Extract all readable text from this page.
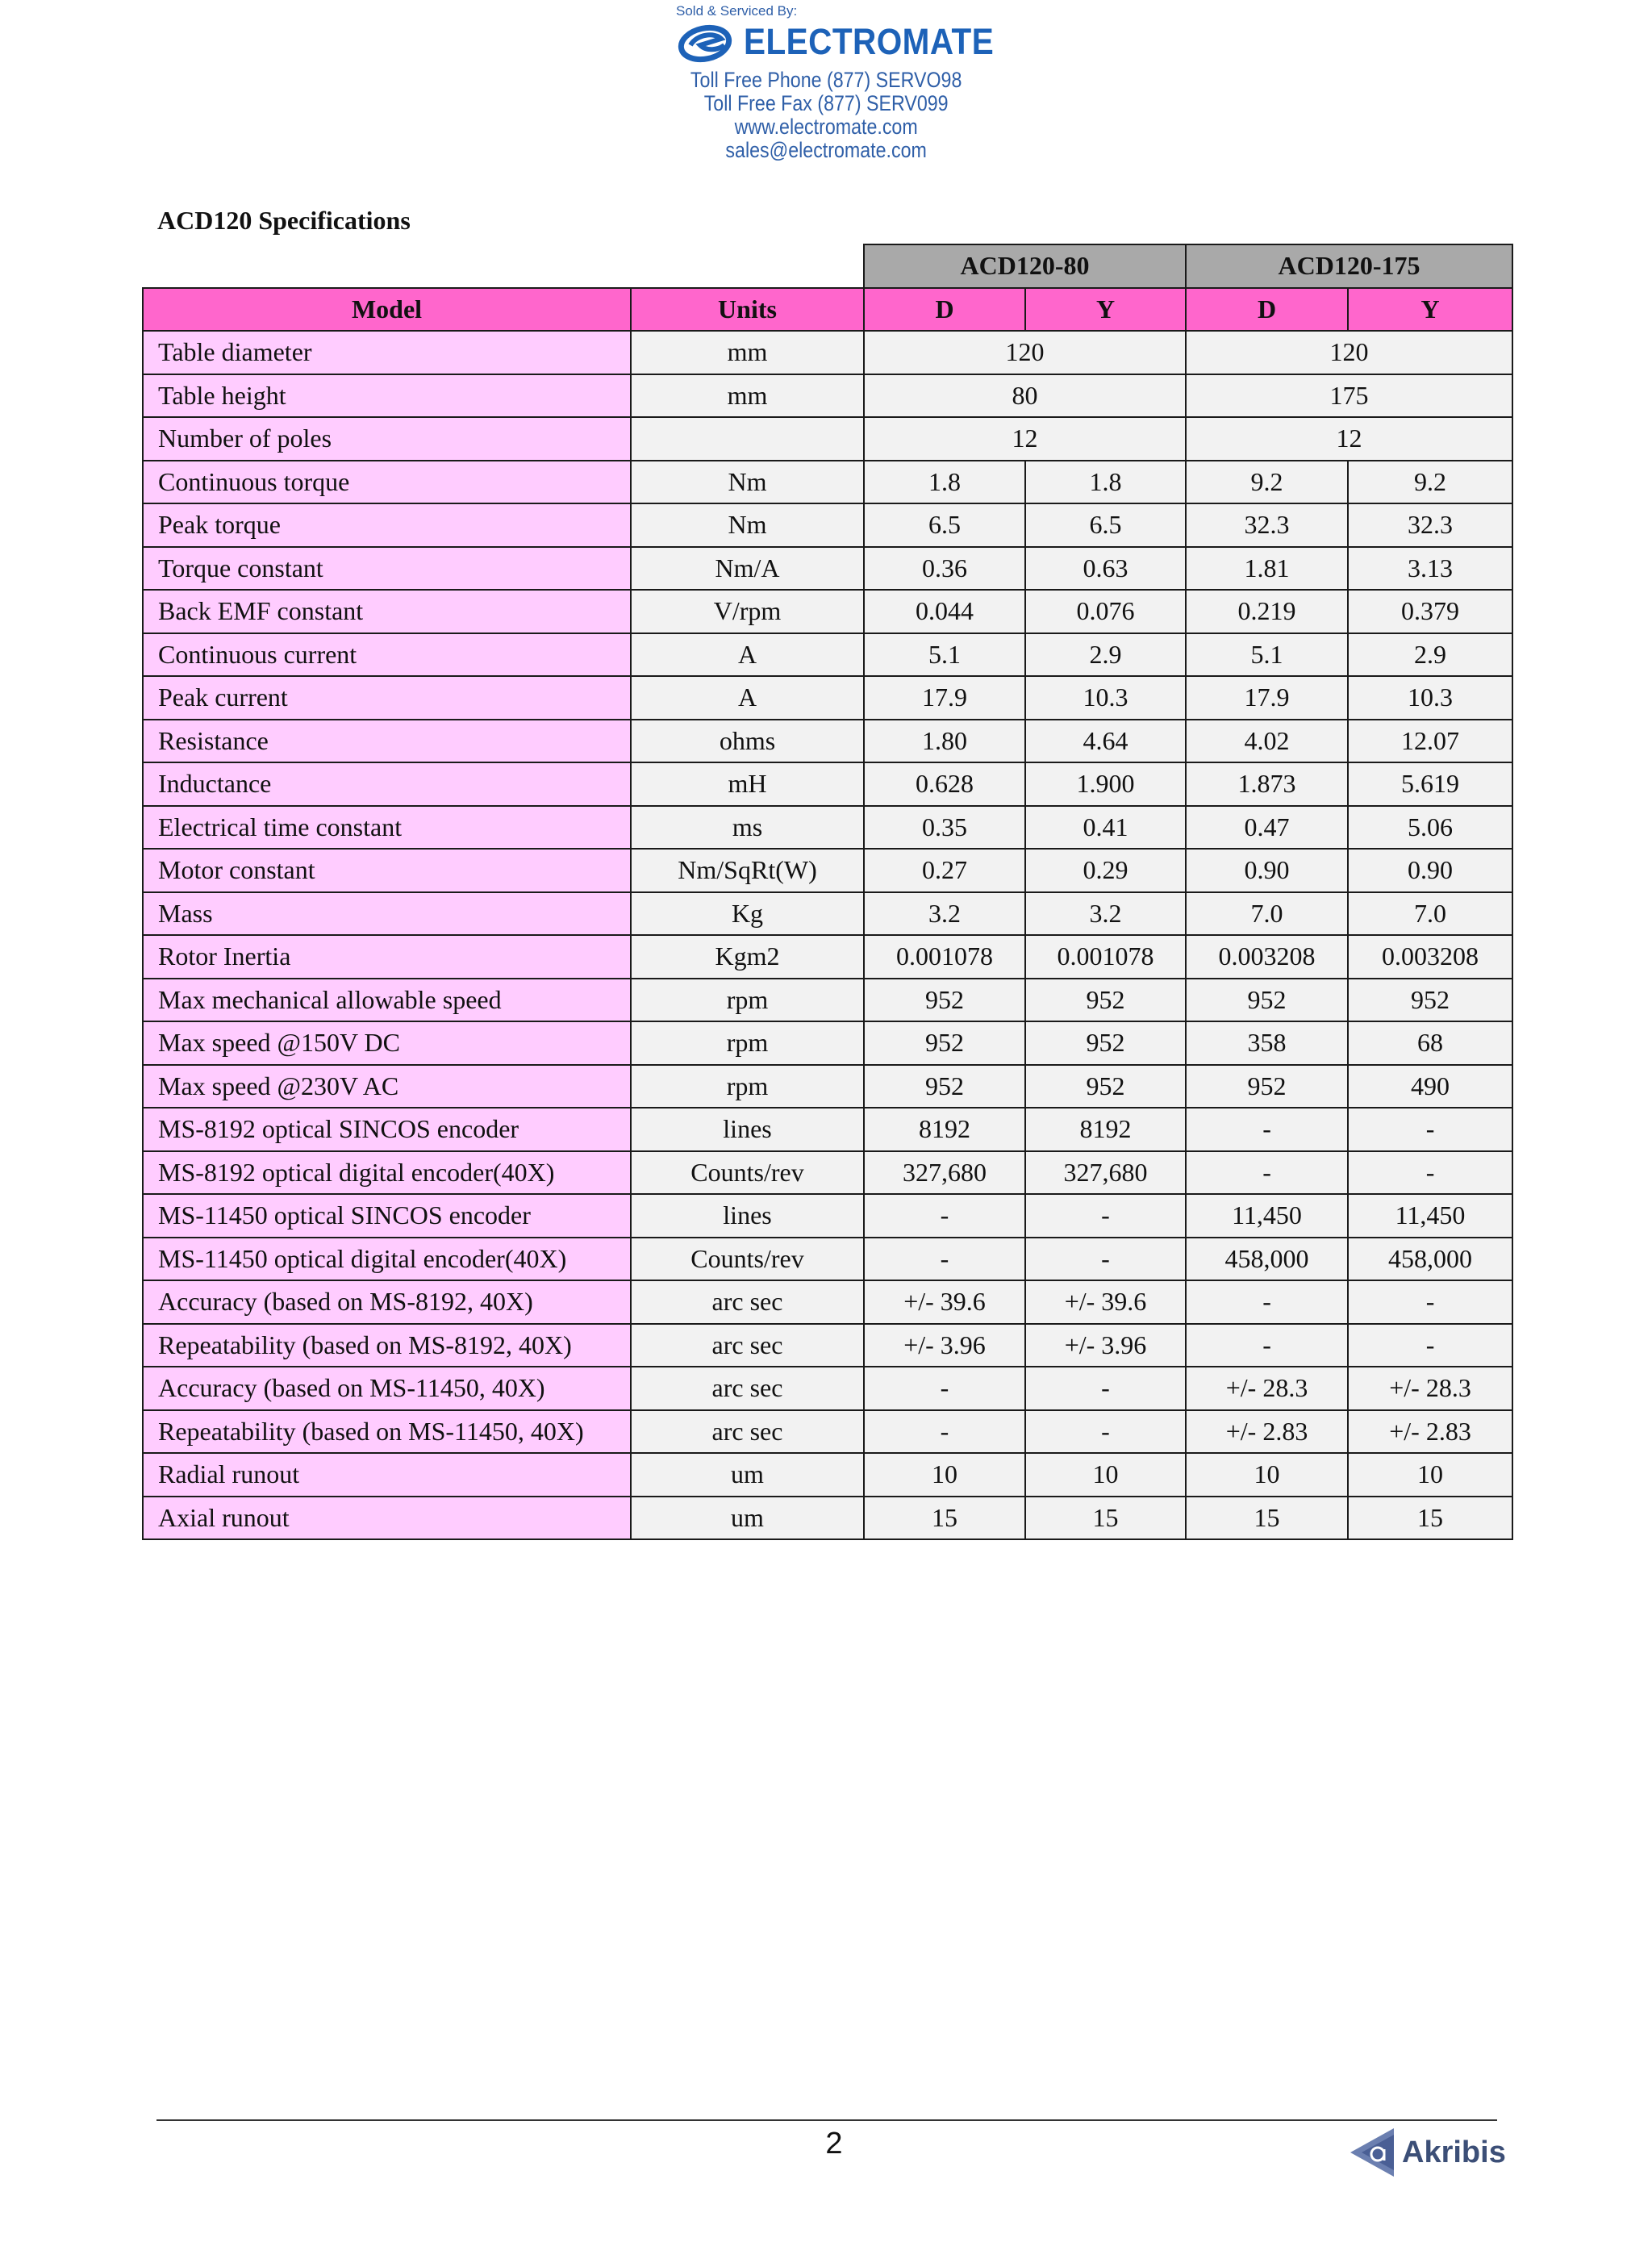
Sold & Serviced By:
ELECTROMATE
Toll Free Phone (877) SERVO98
Toll Free Fax (877) SERV099
www.electromate.com
sales@electromate.com
ACD120 Specifications
		ACD120-80		ACD120-175	
Model	Units	D	Y	D	Y
Table diameter	mm	120		120	
Table height	mm	80		175	
Number of poles		12		12	
Continuous torque	Nm	1.8	1.8	9.2	9.2
Peak torque	Nm	6.5	6.5	32.3	32.3
Torque constant	Nm/A	0.36	0.63	1.81	3.13
Back EMF constant	V/rpm	0.044	0.076	0.219	0.379
Continuous current	A	5.1	2.9	5.1	2.9
Peak current	A	17.9	10.3	17.9	10.3
Resistance	ohms	1.80	4.64	4.02	12.07
Inductance	mH	0.628	1.900	1.873	5.619
Electrical time constant	ms	0.35	0.41	0.47	5.06
Motor constant	Nm/SqRt(W)	0.27	0.29	0.90	0.90
Mass	Kg	3.2	3.2	7.0	7.0
Rotor Inertia	Kgm2	0.001078	0.001078	0.003208	0.003208
Max mechanical allowable speed	rpm	952	952	952	952
Max speed @150V DC	rpm	952	952	358	68
Max speed @230V AC	rpm	952	952	952	490
MS-8192 optical SINCOS encoder	lines	8192	8192	-	-
MS-8192 optical digital encoder(40X)	Counts/rev	327,680	327,680	-	-
MS-11450 optical SINCOS encoder	lines	-	-	11,450	11,450
MS-11450 optical digital encoder(40X)	Counts/rev	-	-	458,000	458,000
Accuracy (based on MS-8192, 40X)	arc sec	+/- 39.6	+/- 39.6	-	-
Repeatability (based on MS-8192, 40X)	arc sec	+/- 3.96	+/- 3.96	-	-
Accuracy (based on MS-11450, 40X)	arc sec	-	-	+/- 28.3	+/- 28.3
Repeatability (based on MS-11450, 40X)	arc sec	-	-	+/- 2.83	+/- 2.83
Radial runout	um	10	10	10	10
Axial runout	um	15	15	15	15
2	Akribis
